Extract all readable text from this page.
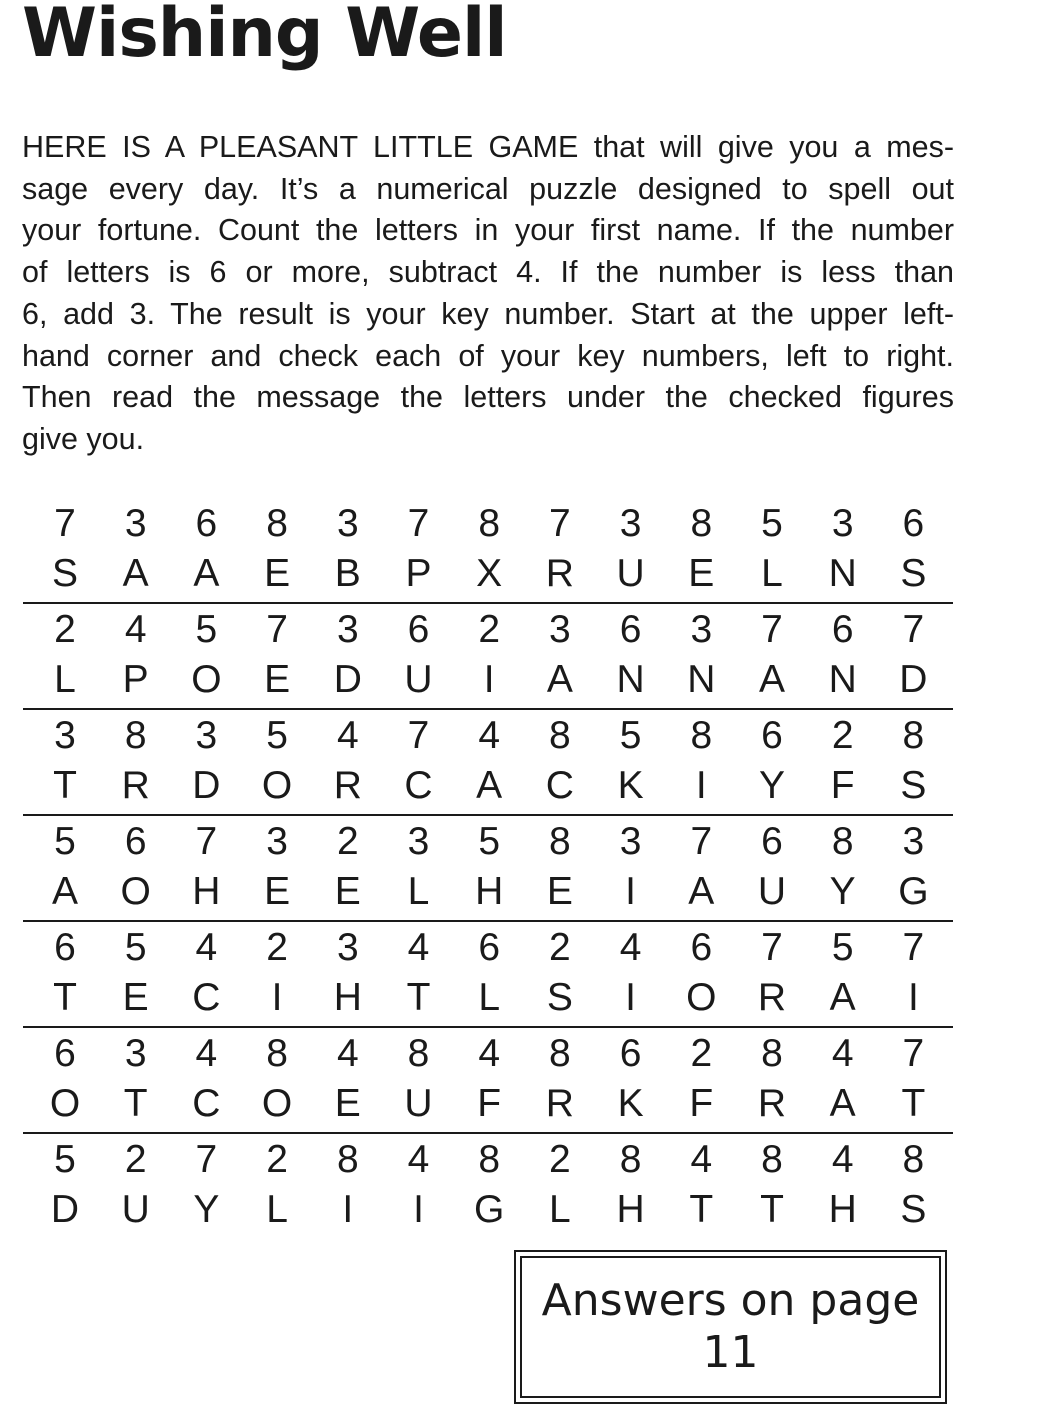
Wishing Well
HERE IS A PLEASANT LITTLE GAME that will give you a mes-
sage every day. It’s a numerical puzzle designed to spell out
your fortune. Count the letters in your first name. If the number
of letters is 6 or more, subtract 4. If the number is less than
6, add 3. The result is your key number. Start at the upper left-
hand corner and check each of your key numbers, left to right.
Then read the message the letters under the checked figures
give you.
7
S
3
A
6
A
8
E
3
B
7
P
8
X
7
R
3
U
8
E
5
L
3
N
6
S
2
L
4
P
5
O
7
E
3
D
6
U
2
I
3
A
6
N
3
N
7
A
6
N
7
D
3
T
8
R
3
D
5
O
4
R
7
C
4
A
8
C
5
K
8
I
6
Y
2
F
8
S
5
A
6
O
7
H
3
E
2
E
3
L
5
H
8
E
3
I
7
A
6
U
8
Y
3
G
6
T
5
E
4
C
2
I
3
H
4
T
6
L
2
S
4
I
6
O
7
R
5
A
7
I
6
O
3
T
4
C
8
O
4
E
8
U
4
F
8
R
6
K
2
F
8
R
4
A
7
T
5
D
2
U
7
Y
2
L
8
I
4
I
8
G
2
L
8
H
4
T
8
T
4
H
8
S
Answers on page 11
